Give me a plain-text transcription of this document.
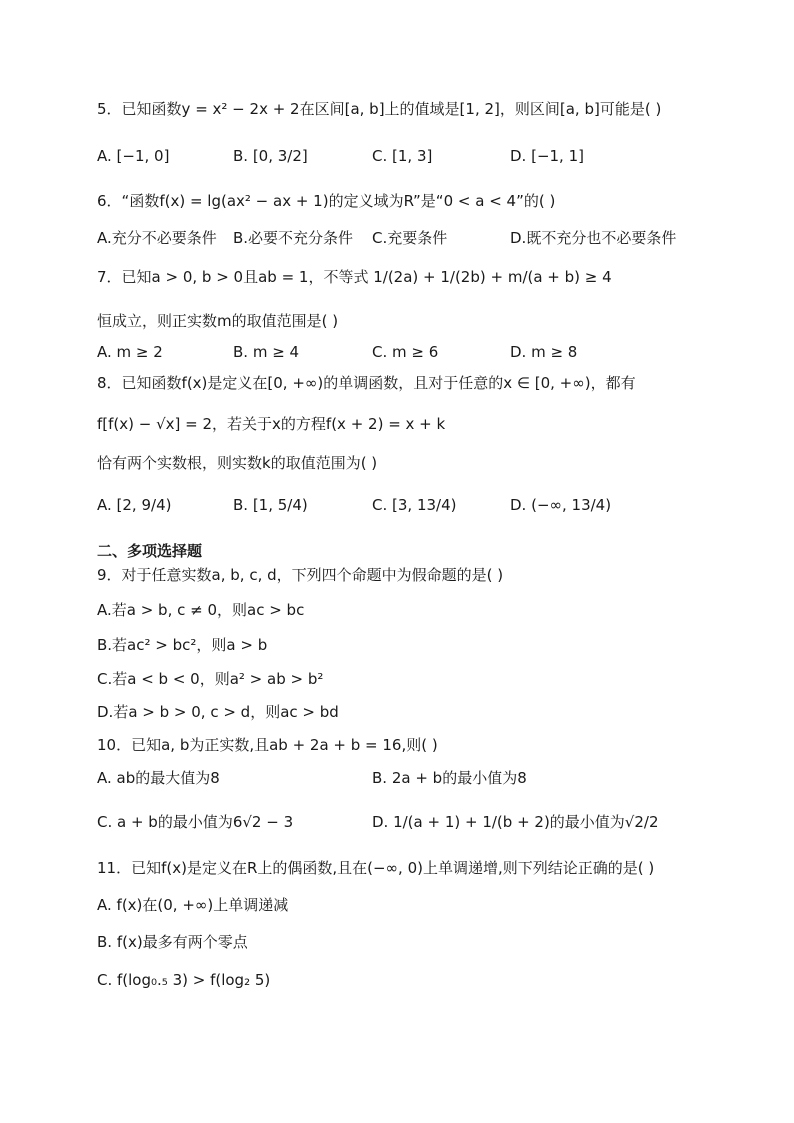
5．已知函数y = x² − 2x + 2在区间[a, b]上的值域是[1, 2]，则区间[a, b]可能是( )
A. [−1, 0]	B. [0, 3/2]	C. [1, 3]	D. [−1, 1]
6．“函数f(x) = lg(ax² − ax + 1)的定义域为R”是“0 < a < 4”的( )
A.充分不必要条件 B.必要不充分条件 C.充要条件	D.既不充分也不必要条件
7．已知a > 0, b > 0且ab = 1，不等式 1/(2a) + 1/(2b) + m/(a + b) ≥ 4
恒成立，则正实数m的取值范围是( )
A. m ≥ 2	B. m ≥ 4	C. m ≥ 6	D. m ≥ 8
8．已知函数f(x)是定义在[0, +∞)的单调函数，且对于任意的x ∈ [0, +∞)，都有
f[f(x) − √x] = 2，若关于x的方程f(x + 2) = x + k
恰有两个实数根，则实数k的取值范围为( )
A. [2, 9/4)	B. [1, 5/4)	C. [3, 13/4)	D. (−∞, 13/4)
二、多项选择题
9．对于任意实数a, b, c, d，下列四个命题中为假命题的是( )
A.若a > b, c ≠ 0，则ac > bc
B.若ac² > bc²，则a > b
C.若a < b < 0，则a² > ab > b²
D.若a > b > 0, c > d，则ac > bd
10．已知a, b为正实数,且ab + 2a + b = 16,则( )
A. ab的最大值为8	B. 2a + b的最小值为8
C. a + b的最小值为6√2 − 3	D. 1/(a + 1) + 1/(b + 2)的最小值为√2/2
11．已知f(x)是定义在R上的偶函数,且在(−∞, 0)上单调递增,则下列结论正确的是( )
A. f(x)在(0, +∞)上单调递减
B. f(x)最多有两个零点
C. f(log₀.₅ 3) > f(log₂ 5)
